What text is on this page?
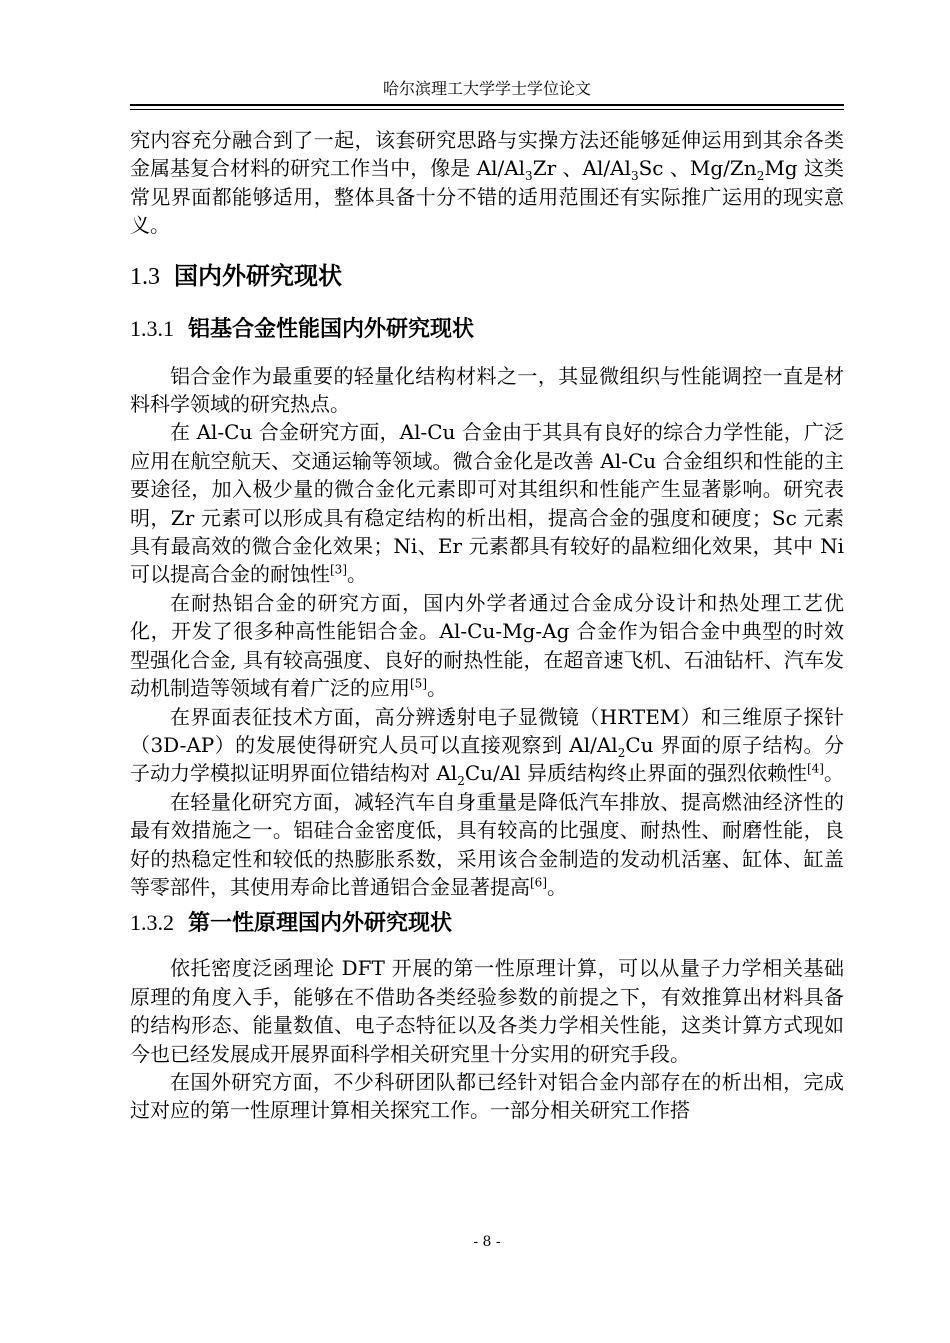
哈尔滨理工大学学士学位论文

究内容充分融合到了一起，该套研究思路与实操方法还能够延伸运用到其余各类金属基复合材料的研究工作当中，像是 $Al/Al_3Zr$ 、$Al/Al_3Sc$ 、$Mg/Zn_2Mg$ 这类常见界面都能够适用，整体具备十分不错的适用范围还有实际推广运用的现实意义。

1.3 国内外研究现状
1.3.1 铝基合金性能国内外研究现状

铝合金作为最重要的轻量化结构材料之一，其显微组织与性能调控一直是材料科学领域的研究热点。

在 Al-Cu 合金研究方面，Al-Cu 合金由于其具有良好的综合力学性能，广泛应用在航空航天、交通运输等领域。微合金化是改善 Al-Cu 合金组织和性能的主要途径，加入极少量的微合金化元素即可对其组织和性能产生显著影响。研究表明，Zr 元素可以形成具有稳定结构的析出相，提高合金的强度和硬度；Sc 元素具有最高效的微合金化效果；Ni、Er 元素都具有较好的晶粒细化效果，其中 Ni 可以提高合金的耐蚀性[3]。

在耐热铝合金的研究方面，国内外学者通过合金成分设计和热处理工艺优化，开发了很多种高性能铝合金。Al-Cu-Mg-Ag 合金作为铝合金中典型的时效型强化合金, 具有较高强度、良好的耐热性能，在超音速飞机、石油钻杆、汽车发动机制造等领域有着广泛的应用[5]。

在界面表征技术方面，高分辨透射电子显微镜（HRTEM）和三维原子探针（3D-AP）的发展使得研究人员可以直接观察到 $Al/Al_2Cu$ 界面的原子结构。分子动力学模拟证明界面位错结构对 $Al_2Cu/Al$ 异质结构终止界面的强烈依赖性[4]。

在轻量化研究方面，减轻汽车自身重量是降低汽车排放、提高燃油经济性的最有效措施之一。铝硅合金密度低，具有较高的比强度、耐热性、耐磨性能，良好的热稳定性和较低的热膨胀系数，采用该合金制造的发动机活塞、缸体、缸盖等零部件，其使用寿命比普通铝合金显著提高[6]。

1.3.2 第一性原理国内外研究现状

依托密度泛函理论 DFT 开展的第一性原理计算，可以从量子力学相关基础原理的角度入手，能够在不借助各类经验参数的前提之下，有效推算出材料具备的结构形态、能量数值、电子态特征以及各类力学相关性能，这类计算方式现如今也已经发展成开展界面科学相关研究里十分实用的研究手段。

在国外研究方面，不少科研团队都已经针对铝合金内部存在的析出相，完成过对应的第一性原理计算相关探究工作。一部分相关研究工作搭

- 8 -
